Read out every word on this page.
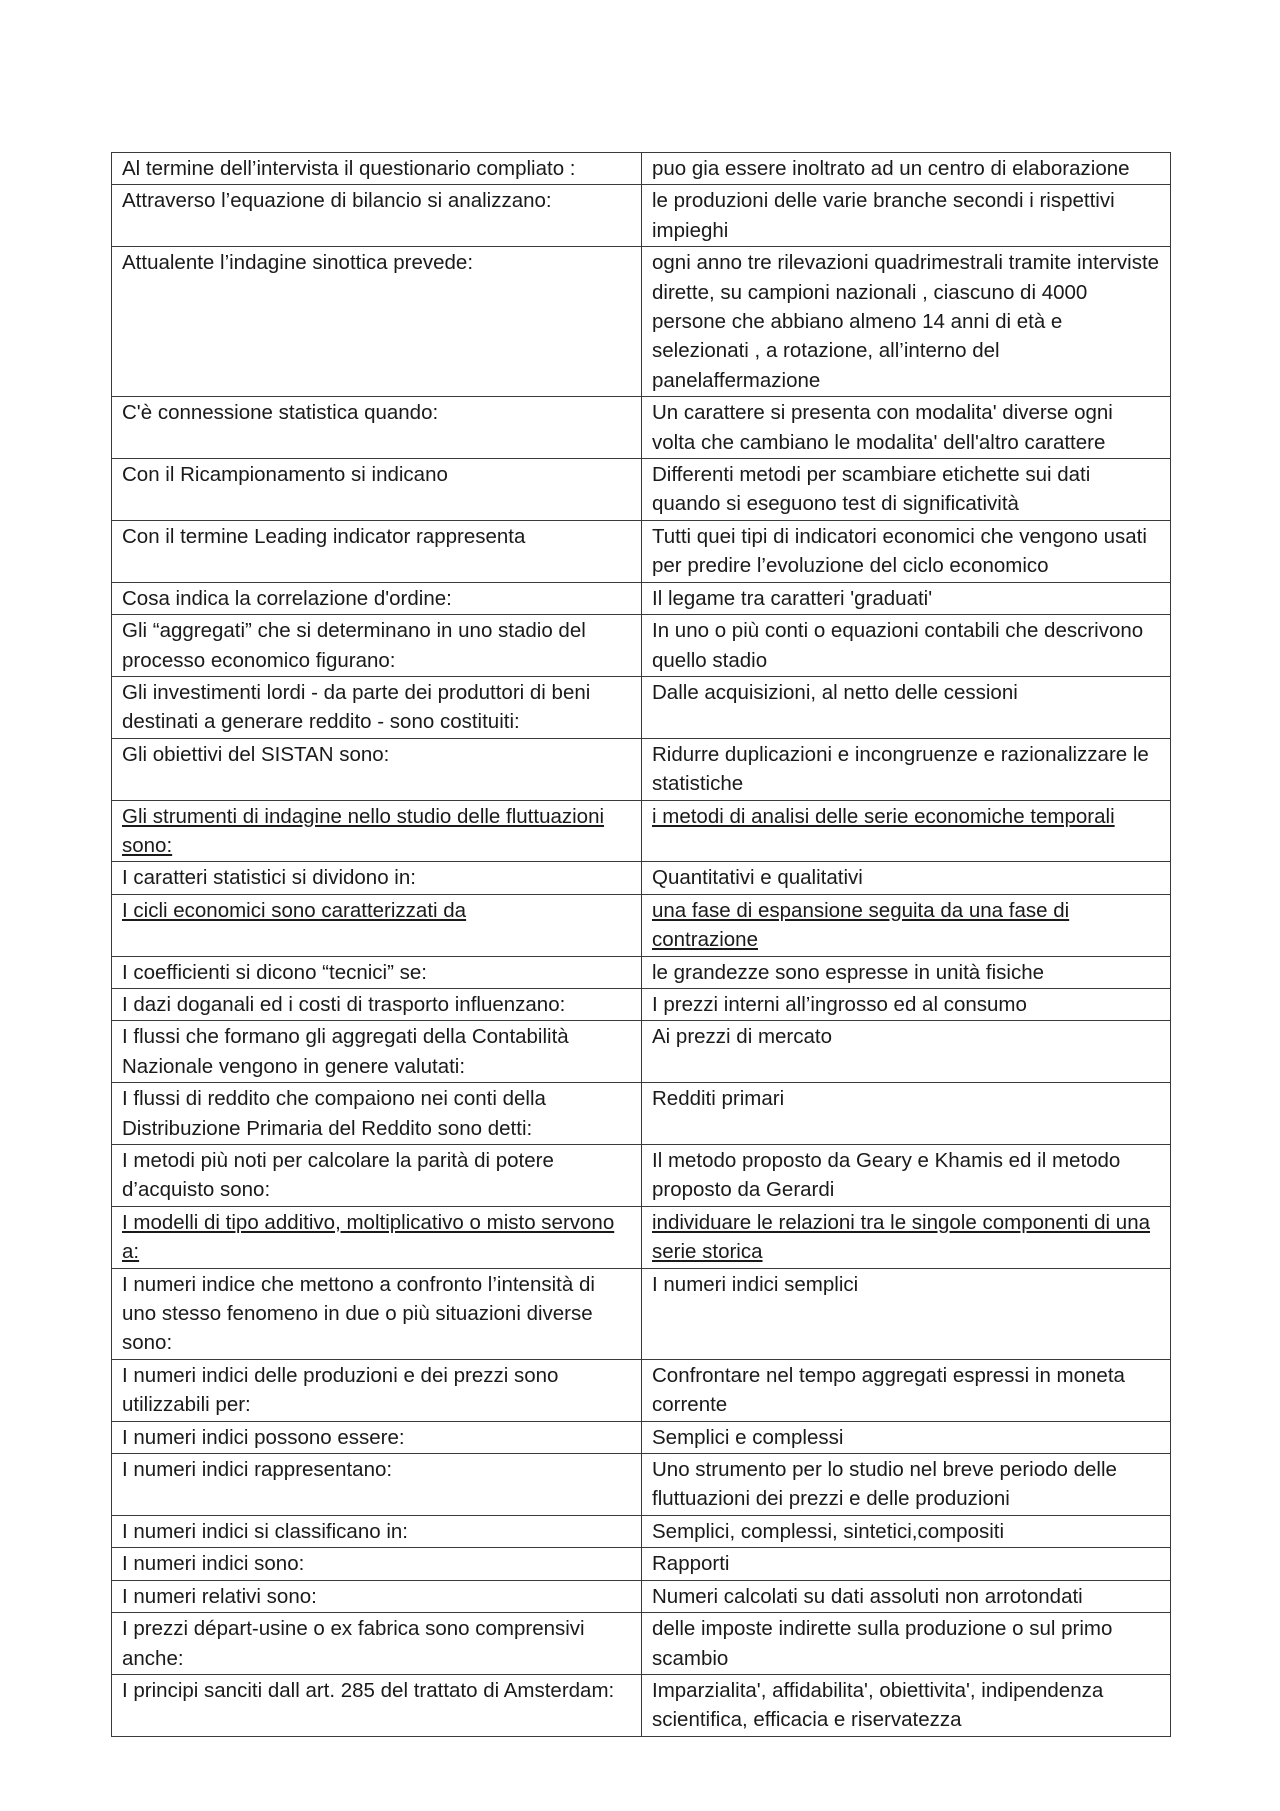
Al termine dell’intervista il questionario compliato :	puo gia essere inoltrato ad un centro di elaborazione
Attraverso l’equazione di bilancio si analizzano:	le produzioni delle varie branche secondi i rispettivi impieghi
Attualente l’indagine sinottica prevede:	ogni anno tre rilevazioni quadrimestrali tramite interviste dirette, su campioni nazionali , ciascuno di 4000 persone che abbiano almeno 14 anni di età e selezionati , a rotazione, all’interno del panelaffermazione
C'è connessione statistica quando:	Un carattere si presenta con modalita' diverse ogni volta che cambiano le modalita' dell'altro carattere
Con il Ricampionamento si indicano	Differenti metodi per scambiare etichette sui dati quando si eseguono test di significatività
Con il termine Leading indicator rappresenta	Tutti quei tipi di indicatori economici che vengono usati per predire l’evoluzione del ciclo economico
Cosa indica la correlazione d'ordine:	Il legame tra caratteri 'graduati'
Gli “aggregati” che si determinano in uno stadio del processo economico figurano:	In uno o più conti o equazioni contabili che descrivono quello stadio
Gli investimenti lordi - da parte dei produttori di beni destinati a generare reddito - sono costituiti:	Dalle acquisizioni, al netto delle cessioni
Gli obiettivi del SISTAN sono:	Ridurre duplicazioni e incongruenze e razionalizzare le statistiche
Gli strumenti di indagine nello studio delle fluttuazioni sono:	i metodi di analisi delle serie economiche temporali
I caratteri statistici si dividono in:	Quantitativi e qualitativi
I cicli economici sono caratterizzati da	una fase di espansione seguita da una fase di contrazione
I coefficienti si dicono “tecnici” se:	le grandezze sono espresse in unità fisiche
I dazi doganali ed i costi di trasporto influenzano:	I prezzi interni all’ingrosso ed al consumo
I flussi che formano gli aggregati della Contabilità Nazionale vengono in genere valutati:	Ai prezzi di mercato
I flussi di reddito che compaiono nei conti della Distribuzione Primaria del Reddito sono detti:	Redditi primari
I metodi più noti per calcolare la parità di potere d’acquisto sono:	Il metodo proposto da Geary e Khamis ed il metodo proposto da Gerardi
I modelli di tipo additivo, moltiplicativo o misto servono a:	individuare le relazioni tra le singole componenti di una serie storica
I numeri indice che mettono a confronto l’intensità di uno stesso fenomeno in due o più situazioni diverse sono:	I numeri indici semplici
I numeri indici delle produzioni e dei prezzi sono utilizzabili per:	Confrontare nel tempo aggregati espressi in moneta corrente
I numeri indici possono essere:	Semplici e complessi
I numeri indici rappresentano:	Uno strumento per lo studio nel breve periodo delle fluttuazioni dei prezzi e delle produzioni
I numeri indici si classificano in:	Semplici, complessi, sintetici,compositi
I numeri indici sono:	Rapporti
I numeri relativi sono:	Numeri calcolati su dati assoluti non arrotondati
I prezzi départ-usine o ex fabrica sono comprensivi anche:	delle imposte indirette sulla produzione o sul primo scambio
I principi sanciti dall art. 285 del trattato di Amsterdam:	Imparzialita', affidabilita', obiettivita', indipendenza scientifica, efficacia e riservatezza
